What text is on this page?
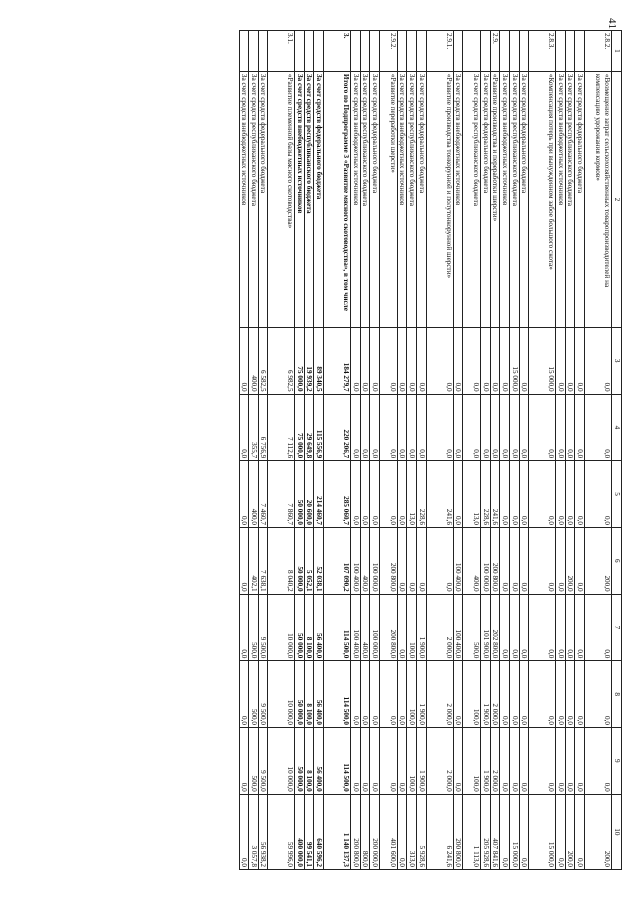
41
1	2	3	4	5	6	7	8	9	10
2.8.2.	«Возмещение затрат сельскохозяйственных товаропроизводителей на компенсацию удорожания кормов»	0,0	0,0	0,0	200,0	0,0	0,0	0,0	200,0
	За счет средств федерального бюджета	0,0	0,0	0,0	0,0	0,0	0,0	0,0	0,0
	За счет средств республиканского бюджета	0,0	0,0	0,0	200,0	0,0	0,0	0,0	200,0
	За счет средств внебюджетных источников	0,0	0,0	0,0	0,0	0,0	0,0	0,0	0,0
2.8.3.	«Компенсация потерь при вынужденном забое большого скота»	15 000,0	0,0	0,0	0,0	0,0	0,0	0,0	15 000,0
	За счет средств федерального бюджета	0,0	0,0	0,0	0,0	0,0	0,0	0,0	0,0
	За счет средств республиканского бюджета	15 000,0	0,0	0,0	0,0	0,0	0,0	0,0	15 000,0
	За счет средств внебюджетных источников	0,0	0,0	0,0	0,0	0,0	0,0	0,0	0,0
2.9.	«Развитие производства и переработки шерсти»	0,0	0,0	241,6	200 800,0	202 800,0	2 000,0	2 000,0	407 841,6
	За счет средств федерального бюджета	0,0	0,0	228,6	100 000,0	101 900,0	1 900,0	1 900,0	205 928,6
	За счет средств республиканского бюджета	0,0	0,0	13,0	400,0	500,0	100,0	100,0	1 113,0
	За счет средств внебюджетных источников	0,0	0,0	0,0	100 400,0	100 400,0	0,0	0,0	200 800,0
2.9.1.	«Развитие производства тонкорунной и полутонкорунной шерсти»	0,0	0,0	241,6	0,0	2 000,0	2 000,0	2 000,0	6 241,6
	За счет средств федерального бюджета	0,0	0,0	228,6	0,0	1 900,0	1 900,0	1 900,0	5 928,6
	За счет средств республиканского бюджета	0,0	0,0	13,0	0,0	100,0	100,0	100,0	313,0
	За счет средств внебюджетных источников	0,0	0,0	0,0	0,0	0,0	0,0	0,0	0,0
2.9.2.	«Развитие переработки шерсти»	0,0	0,0	0,0	200 800,0	200 800,0	0,0	0,0	401 600,0
	За счет средств федерального бюджета	0,0	0,0	0,0	100 000,0	100 000,0	0,0	0,0	200 000,0
	За счет средств республиканского бюджета	0,0	0,0	0,0	400,0	400,0	0,0	0,0	800,0
	За счет средств внебюджетных источников	0,0	0,0	0,0	100 400,0	100 400,0	0,0	0,0	200 800,0
3.	Итого по Подпрограмме 3 «Развитие мясного скотоводства», в том числе	184 279,7	220 206,7	285 060,7	107 090,2	114 500,0	114 500,0	114 500,0	1 140 137,3
	За счет средств федерального бюджета	89 340,5	115 556,9	214 460,7	52 038,1	56 400,0	56 400,0	56 400,0	640 596,2
	За счет средств республиканского бюджета	19 939,2	29 649,8	20 600,0	5 052,1	8 100,0	8 100,0	8 100,0	99 541,1
	За счет средств внебюджетных источников	75 000,0	75 000,0	50 000,0	50 000,0	50 000,0	50 000,0	50 000,0	400 000,0
3.1.	«Развитие племенной базы мясного скотоводства»	6 982,5	7 112,6	7 860,7	8 040,2	10 000,0	10 000,0	10 000,0	59 996,0
	За счет средств федерального бюджета	6 582,5	6 756,9	7 460,7	7 638,1	9 500,0	9 500,0	9 500,0	56 938,2
	За счет средств республиканского бюджета	400,0	355,7	400,0	402,1	500,0	500,0	500,0	3 057,8
	За счет средств внебюджетных источников	0,0	0,0	0,0	0,0	0,0	0,0	0,0	0,0
